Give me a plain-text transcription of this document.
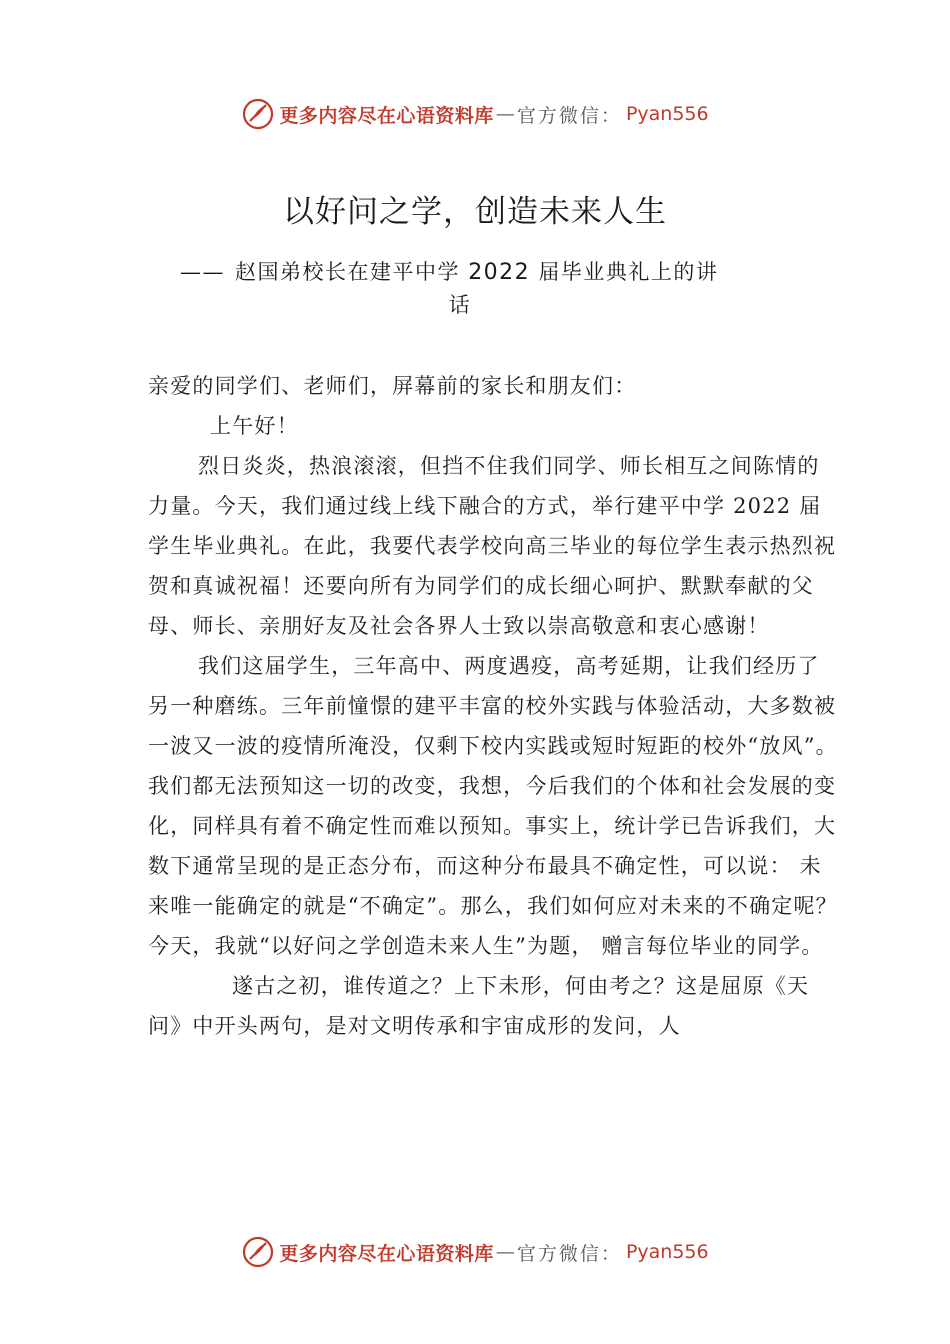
更多内容尽在心语资料库 — 官方微信： Pyan556
以好问之学，创造未来人生
—— 赵国弟校长在建平中学 2022 届毕业典礼上的讲
话

亲爱的同学们、老师们，屏幕前的家长和朋友们：

上午好！

烈日炎炎，热浪滚滚，但挡不住我们同学、师长相互之间陈情的力量。今天，我们通过线上线下融合的方式，举行建平中学 2022 届学生毕业典礼。在此，我要代表学校向高三毕业的每位学生表示热烈祝贺和真诚祝福！还要向所有为同学们的成长细心呵护、默默奉献的父母、师长、亲朋好友及社会各界人士致以崇高敬意和衷心感谢！

我们这届学生，三年高中、两度遇疫，高考延期，让我们经历了另一种磨练。三年前憧憬的建平丰富的校外实践与体验活动，大多数被一波又一波的疫情所淹没，仅剩下校内实践或短时短距的校外“放风”。我们都无法预知这一切的改变，我想，今后我们的个体和社会发展的变化，同样具有着不确定性而难以预知。事实上，统计学已告诉我们，大数下通常呈现的是正态分布，而这种分布最具不确定性，可以说： 未来唯一能确定的就是“不确定”。那么，我们如何应对未来的不确定呢？今天，我就“以好问之学创造未来人生”为题， 赠言每位毕业的同学。

遂古之初，谁传道之？上下未形，何由考之？这是屈原《天问》中开头两句，是对文明传承和宇宙成形的发问，人

更多内容尽在心语资料库 — 官方微信： Pyan556
